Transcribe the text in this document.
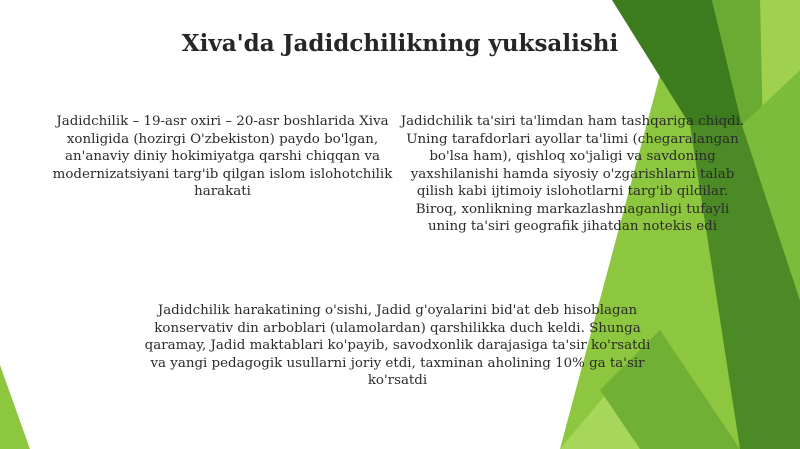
Xiva'da Jadidchilikning yuksalishi
Jadidchilik – 19-asr oxiri – 20-asr boshlarida Xiva xonligida (hozirgi O'zbekiston) paydo bo'lgan, an'anaviy diniy hokimiyatga qarshi chiqqan va modernizatsiyani targ'ib qilgan islom islohotchilik harakati
Jadidchilik ta'siri ta'limdan ham tashqariga chiqdi. Uning tarafdorlari ayollar ta'limi (chegaralangan bo'lsa ham), qishloq xo'jaligi va savdoning yaxshilanishi hamda siyosiy o'zgarishlarni talab qilish kabi ijtimoiy islohotlarni targ'ib qildilar. Biroq, xonlikning markazlashmaganligi tufayli uning ta'siri geografik jihatdan notekis edi
Jadidchilik harakatining o'sishi, Jadid g'oyalarini bid'at deb hisoblagan konservativ din arboblari (ulamolardan) qarshilikka duch keldi. Shunga qaramay, Jadid maktablari ko'payib, savodxonlik darajasiga ta'sir ko'rsatdi va yangi pedagogik usullarni joriy etdi, taxminan aholining 10% ga ta'sir ko'rsatdi
